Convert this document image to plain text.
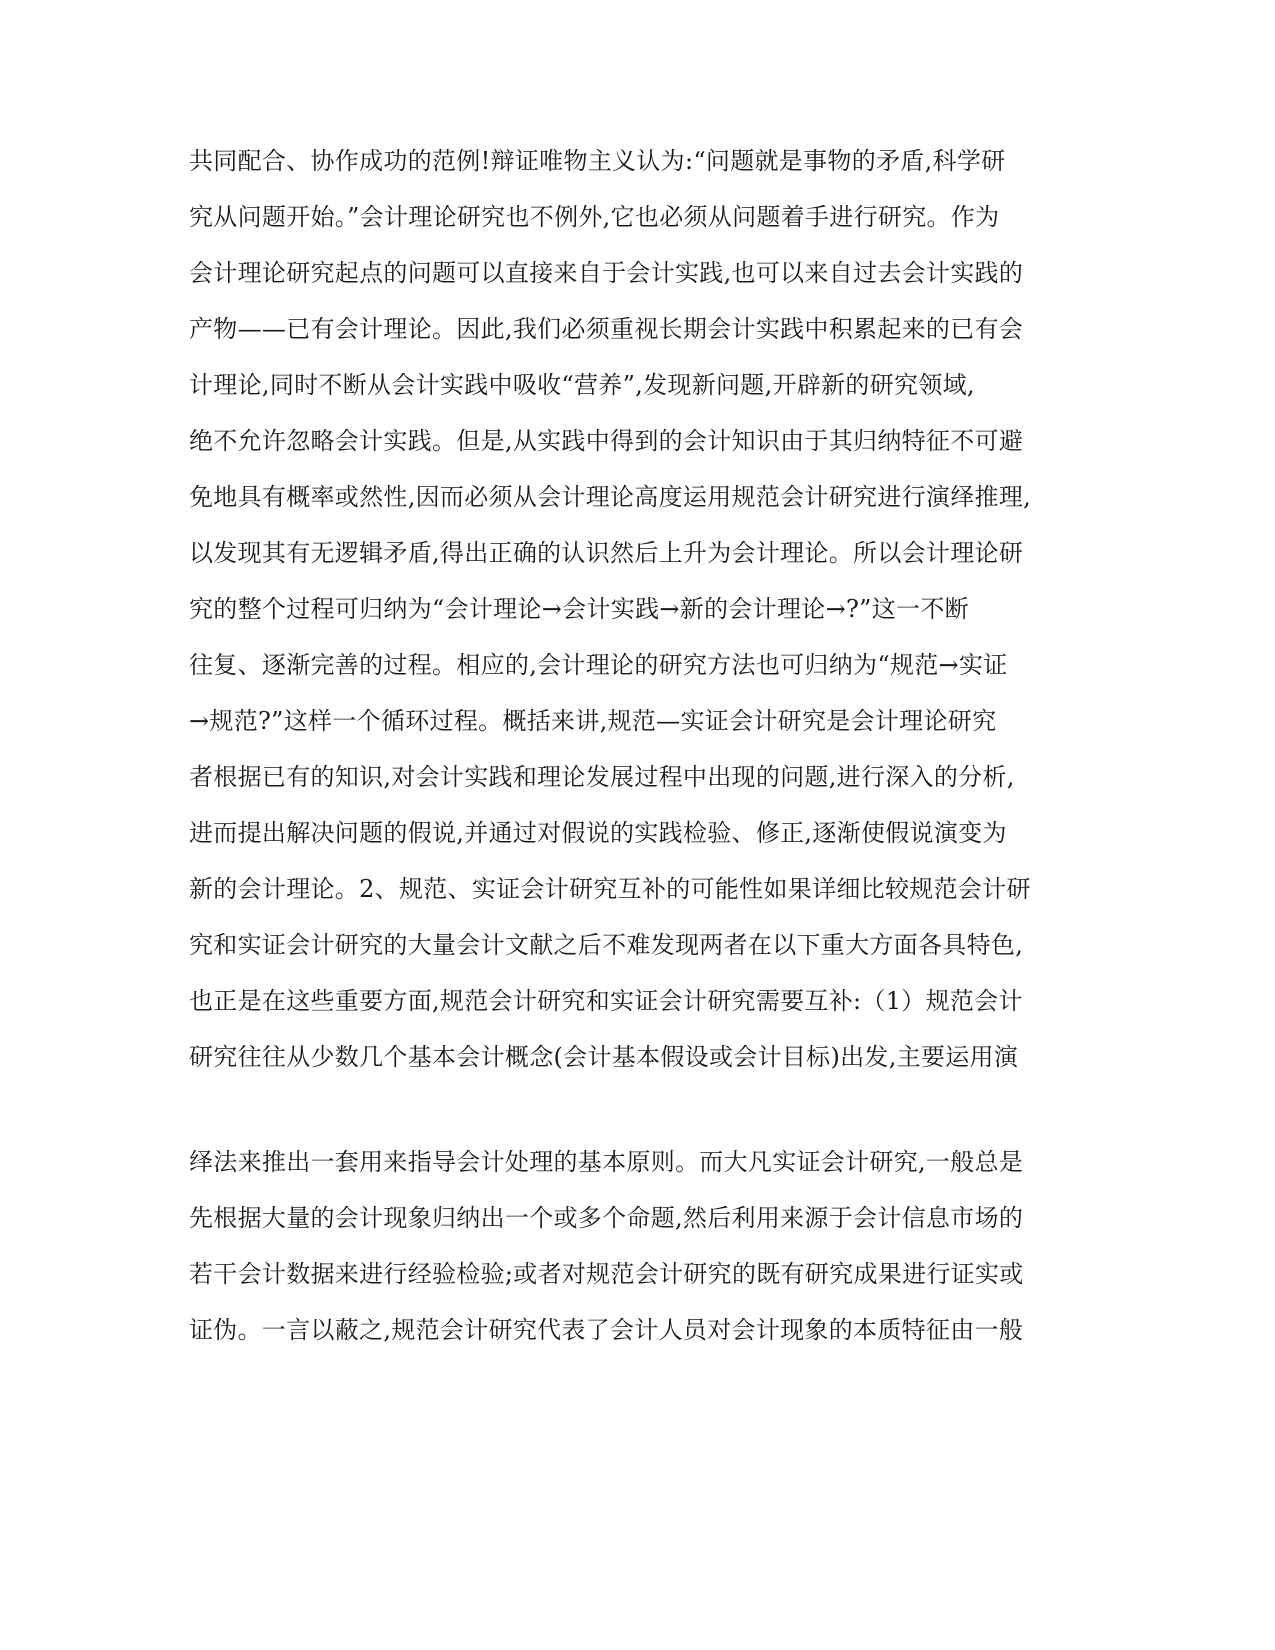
共同配合、协作成功的范例!辩证唯物主义认为:“问题就是事物的矛盾,科学研
究从问题开始。”会计理论研究也不例外,它也必须从问题着手进行研究。作为
会计理论研究起点的问题可以直接来自于会计实践,也可以来自过去会计实践的
产物——已有会计理论。因此,我们必须重视长期会计实践中积累起来的已有会
计理论,同时不断从会计实践中吸收“营养”,发现新问题,开辟新的研究领域,
绝不允许忽略会计实践。但是,从实践中得到的会计知识由于其归纳特征不可避
免地具有概率或然性,因而必须从会计理论高度运用规范会计研究进行演绎推理,
以发现其有无逻辑矛盾,得出正确的认识然后上升为会计理论。所以会计理论研
究的整个过程可归纳为“会计理论→会计实践→新的会计理论→?”这一不断
往复、逐渐完善的过程。相应的,会计理论的研究方法也可归纳为“规范→实证
→规范?”这样一个循环过程。概括来讲,规范—实证会计研究是会计理论研究
者根据已有的知识,对会计实践和理论发展过程中出现的问题,进行深入的分析,
进而提出解决问题的假说,并通过对假说的实践检验、修正,逐渐使假说演变为
新的会计理论。2、规范、实证会计研究互补的可能性如果详细比较规范会计研
究和实证会计研究的大量会计文献之后不难发现两者在以下重大方面各具特色,
也正是在这些重要方面,规范会计研究和实证会计研究需要互补:（1）规范会计
研究往往从少数几个基本会计概念(会计基本假设或会计目标)出发,主要运用演
绎法来推出一套用来指导会计处理的基本原则。而大凡实证会计研究,一般总是
先根据大量的会计现象归纳出一个或多个命题,然后利用来源于会计信息市场的
若干会计数据来进行经验检验;或者对规范会计研究的既有研究成果进行证实或
证伪。一言以蔽之,规范会计研究代表了会计人员对会计现象的本质特征由一般
